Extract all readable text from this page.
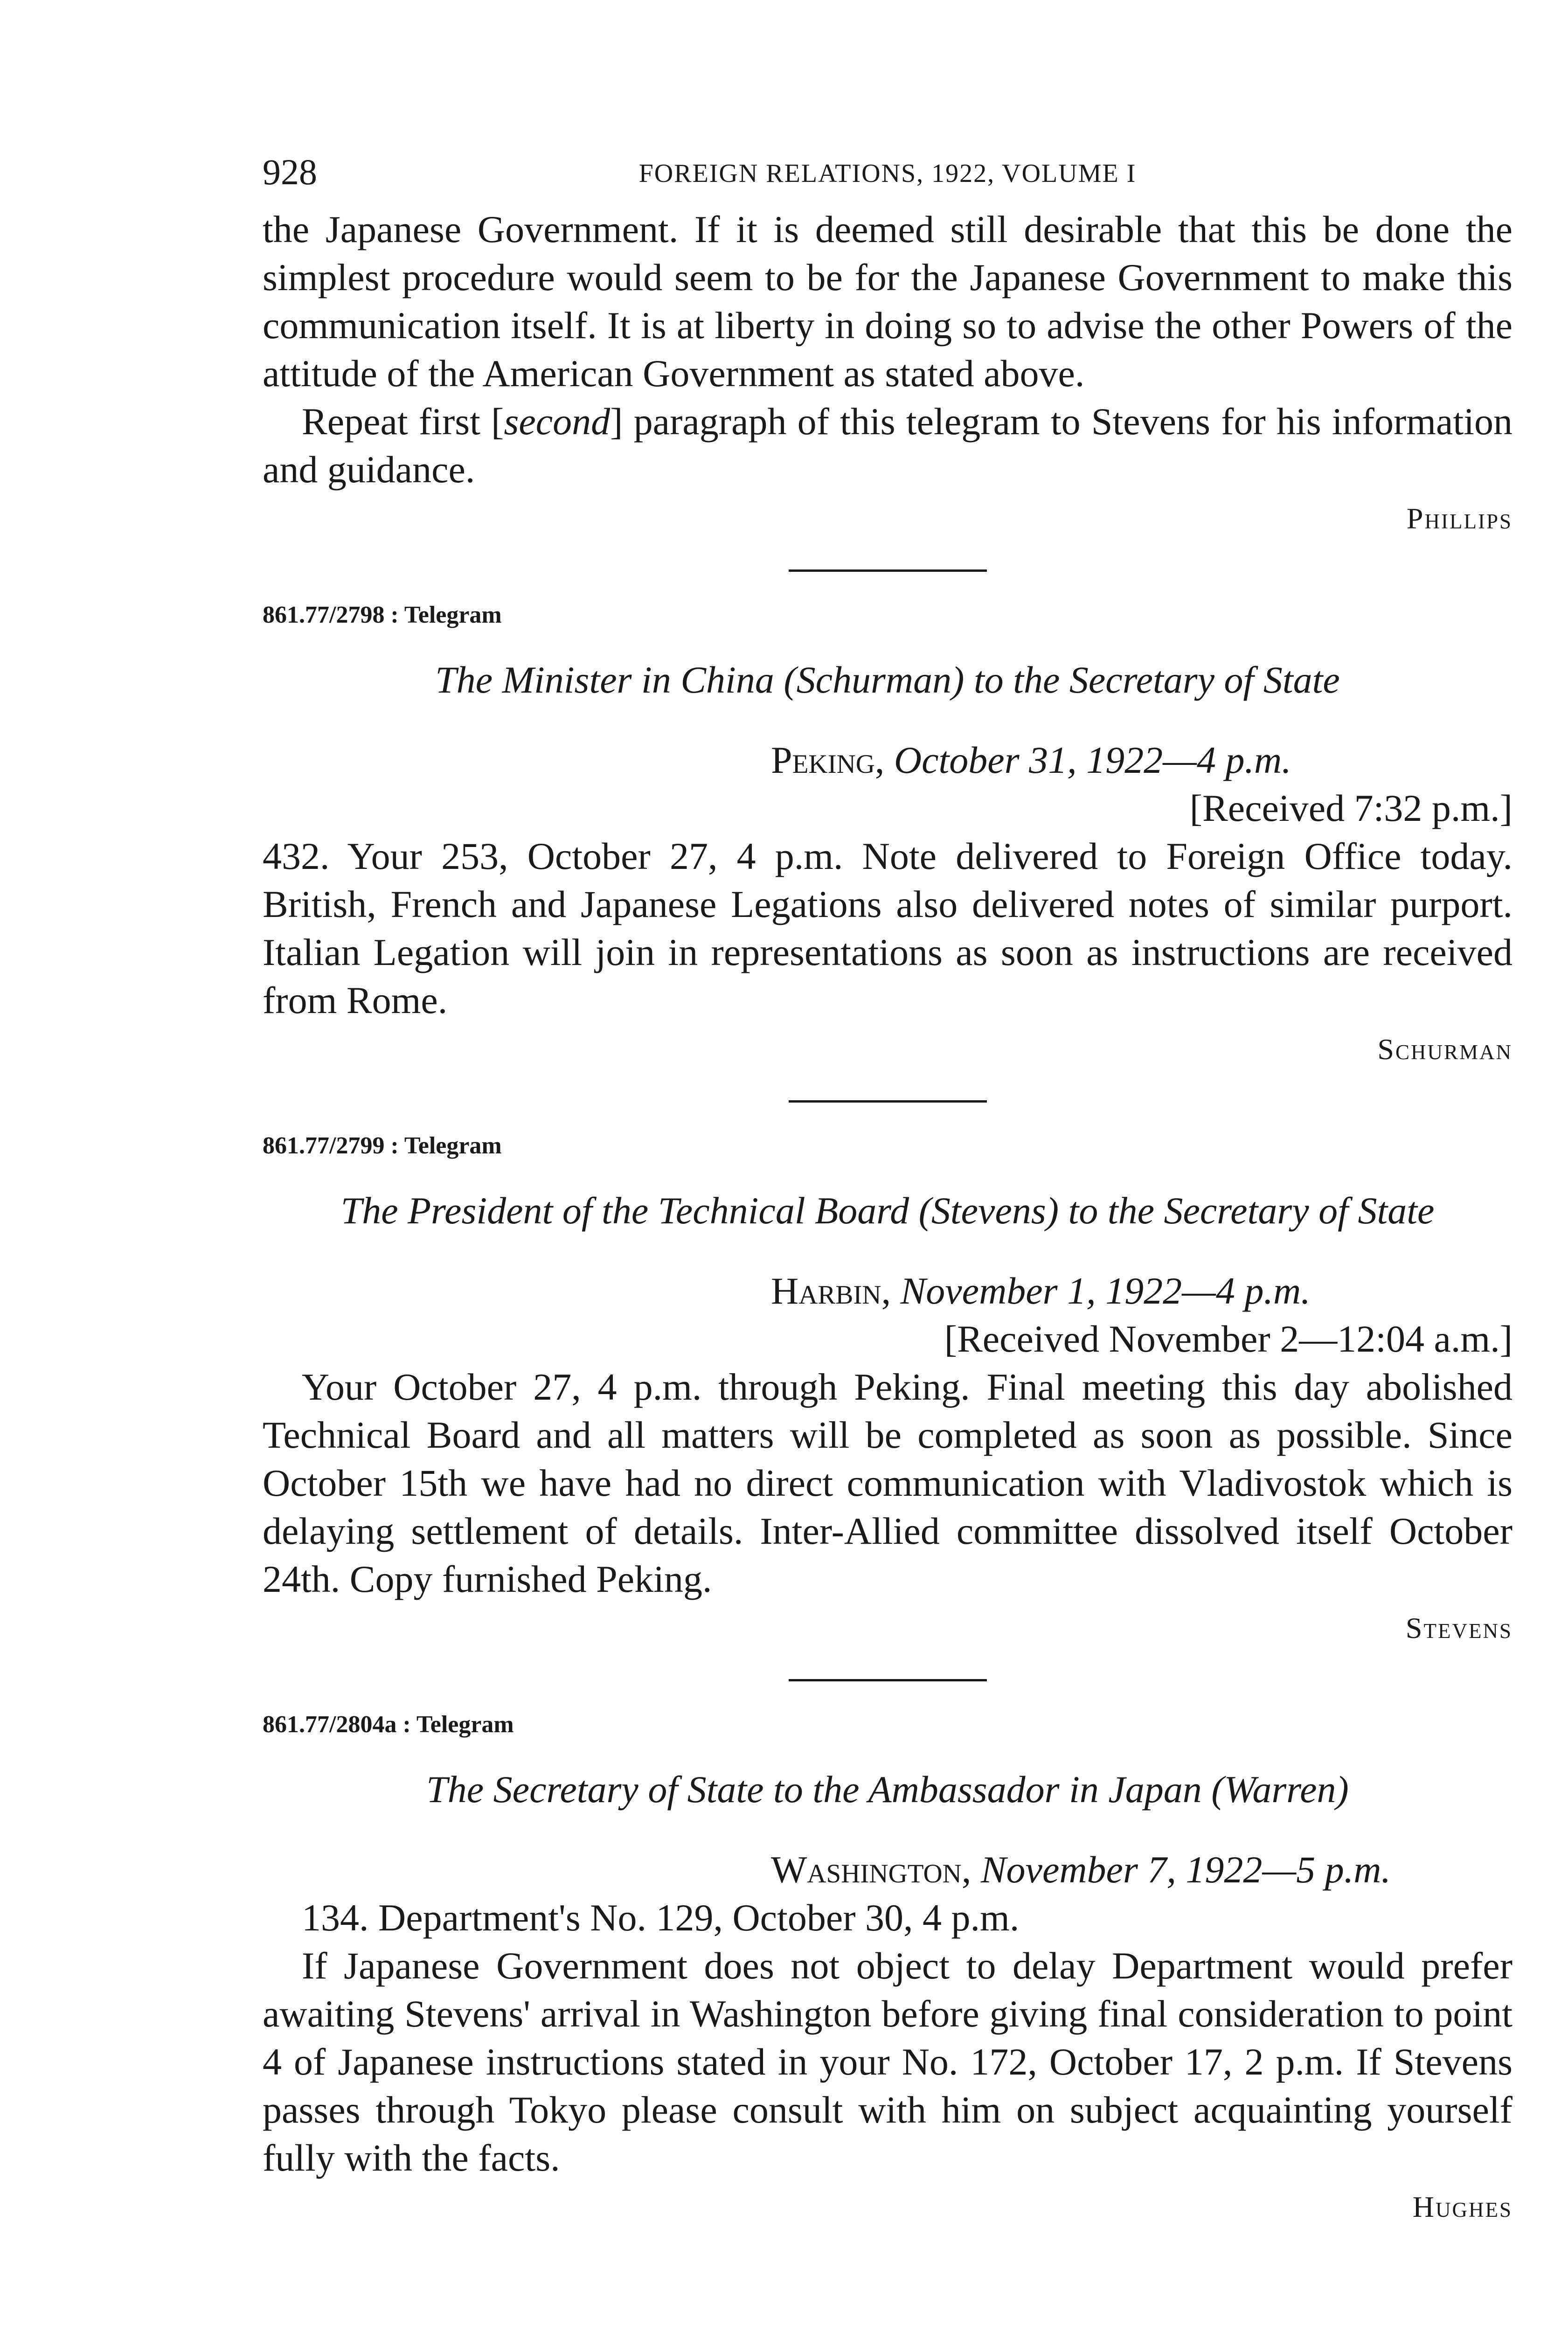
928	FOREIGN RELATIONS, 1922, VOLUME I

the Japanese Government. If it is deemed still desirable that this be done the simplest procedure would seem to be for the Japanese Government to make this communication itself. It is at liberty in doing so to advise the other Powers of the attitude of the American Government as stated above.

Repeat first [second] paragraph of this telegram to Stevens for his information and guidance.

Phillips
861.77/2798 : Telegram
The Minister in China (Schurman) to the Secretary of State
Peking, October 31, 1922—4 p.m.
[Received 7:32 p.m.]

432. Your 253, October 27, 4 p.m. Note delivered to Foreign Office today. British, French and Japanese Legations also delivered notes of similar purport. Italian Legation will join in representations as soon as instructions are received from Rome.

Schurman
861.77/2799 : Telegram
The President of the Technical Board (Stevens) to the Secretary of State
Harbin, November 1, 1922—4 p.m.
[Received November 2—12:04 a.m.]

Your October 27, 4 p.m. through Peking. Final meeting this day abolished Technical Board and all matters will be completed as soon as possible. Since October 15th we have had no direct communication with Vladivostok which is delaying settlement of details. Inter-Allied committee dissolved itself October 24th. Copy furnished Peking.

Stevens
861.77/2804a : Telegram
The Secretary of State to the Ambassador in Japan (Warren)
Washington, November 7, 1922—5 p.m.

134. Department's No. 129, October 30, 4 p.m.

If Japanese Government does not object to delay Department would prefer awaiting Stevens' arrival in Washington before giving final consideration to point 4 of Japanese instructions stated in your No. 172, October 17, 2 p.m. If Stevens passes through Tokyo please consult with him on subject acquainting yourself fully with the facts.

Hughes
